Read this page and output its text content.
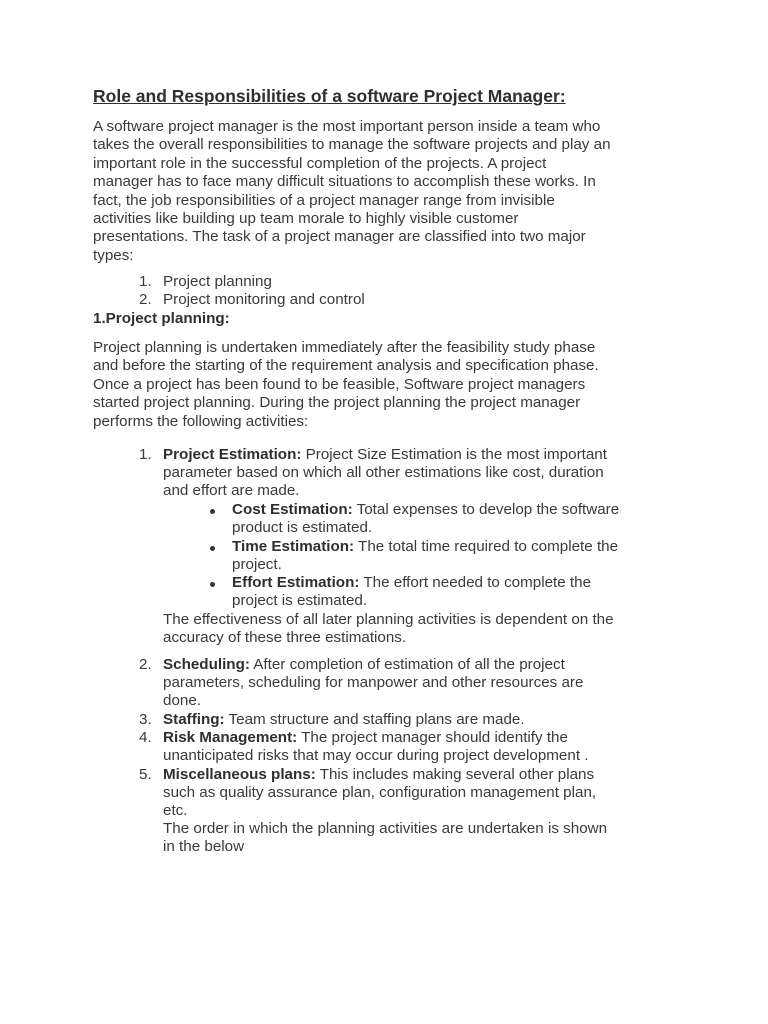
Role and Responsibilities of a software Project Manager:
A software project manager is the most important person inside a team who
takes the overall responsibilities to manage the software projects and play an
important role in the successful completion of the projects. A project
manager has to face many difficult situations to accomplish these works. In
fact, the job responsibilities of a project manager range from invisible
activities like building up team morale to highly visible customer
presentations. The task of a project manager are classified into two major
types:
1. Project planning
2. Project monitoring and control
1.Project planning:
Project planning is undertaken immediately after the feasibility study phase
and before the starting of the requirement analysis and specification phase.
Once a project has been found to be feasible, Software project managers
started project planning. During the project planning the project manager
performs the following activities:
1. Project Estimation: Project Size Estimation is the most important
parameter based on which all other estimations like cost, duration
and effort are made.
Cost Estimation: Total expenses to develop the software
product is estimated.
Time Estimation: The total time required to complete the
project.
Effort Estimation: The effort needed to complete the
project is estimated.
The effectiveness of all later planning activities is dependent on the
accuracy of these three estimations.
2. Scheduling: After completion of estimation of all the project
parameters, scheduling for manpower and other resources are
done.
3. Staffing: Team structure and staffing plans are made.
4. Risk Management: The project manager should identify the
unanticipated risks that may occur during project development .
5. Miscellaneous plans: This includes making several other plans
such as quality assurance plan, configuration management plan,
etc.
The order in which the planning activities are undertaken is shown
in the below
